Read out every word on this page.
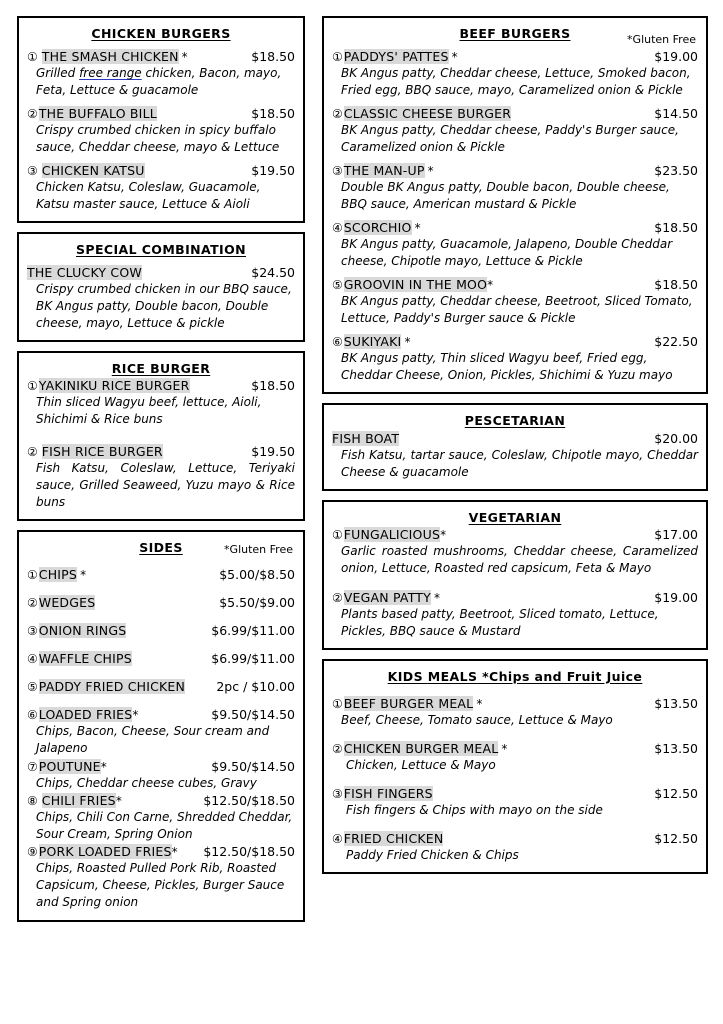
CHICKEN BURGERS
① THE SMASH CHICKEN *	$18.50
Grilled free range chicken, Bacon, mayo, Feta, Lettuce & guacamole
② THE BUFFALO BILL	$18.50
Crispy crumbed chicken in spicy buffalo sauce, Cheddar cheese, mayo & Lettuce
③ CHICKEN KATSU	$19.50
Chicken Katsu, Coleslaw, Guacamole, Katsu master sauce, Lettuce & Aioli
SPECIAL COMBINATION
THE CLUCKY COW	$24.50
Crispy crumbed chicken in our BBQ sauce, BK Angus patty, Double bacon, Double cheese, mayo, Lettuce & pickle
RICE BURGER
① YAKINIKU RICE BURGER	$18.50
Thin sliced Wagyu beef, lettuce, Aioli, Shichimi & Rice buns
② FISH RICE BURGER	$19.50
Fish Katsu, Coleslaw, Lettuce, Teriyaki sauce, Grilled Seaweed, Yuzu mayo & Rice buns
SIDES	*Gluten Free
① CHIPS *	$5.00/$8.50
② WEDGES	$5.50/$9.00
③ ONION RINGS	$6.99/$11.00
④ WAFFLE CHIPS	$6.99/$11.00
⑤ PADDY FRIED CHICKEN	2pc / $10.00
⑥ LOADED FRIES *	$9.50/$14.50
Chips, Bacon, Cheese, Sour cream and Jalapeno
⑦ POUTUNE *	$9.50/$14.50
Chips, Cheddar cheese cubes, Gravy
⑧ CHILI FRIES *	$12.50/$18.50
Chips, Chili Con Carne, Shredded Cheddar, Sour Cream, Spring Onion
⑨ PORK LOADED FRIES * $12.50/$18.50
Chips, Roasted Pulled Pork Rib, Roasted Capsicum, Cheese, Pickles, Burger Sauce and Spring onion
BEEF BURGERS	*Gluten Free
① PADDYS' PATTES *	$19.00
BK Angus patty, Cheddar cheese, Lettuce, Smoked bacon, Fried egg, BBQ sauce, mayo, Caramelized onion & Pickle
② CLASSIC CHEESE BURGER	$14.50
BK Angus patty, Cheddar cheese, Paddy's Burger sauce, Caramelized onion & Pickle
③ THE MAN-UP *	$23.50
Double BK Angus patty, Double bacon, Double cheese, BBQ sauce, American mustard & Pickle
④ SCORCHIO *	$18.50
BK Angus patty, Guacamole, Jalapeno, Double Cheddar cheese, Chipotle mayo, Lettuce & Pickle
⑤ GROOVIN IN THE MOO *	$18.50
BK Angus patty, Cheddar cheese, Beetroot, Sliced Tomato, Lettuce, Paddy's Burger sauce & Pickle
⑥ SUKIYAKI *	$22.50
BK Angus patty, Thin sliced Wagyu beef, Fried egg, Cheddar Cheese, Onion, Pickles, Shichimi & Yuzu mayo
PESCETARIAN
FISH BOAT	$20.00
Fish Katsu, tartar sauce, Coleslaw, Chipotle mayo, Cheddar Cheese & guacamole
VEGETARIAN
① FUNGALICIOUS *	$17.00
Garlic roasted mushrooms, Cheddar cheese, Caramelized onion, Lettuce, Roasted red capsicum, Feta & Mayo
② VEGAN PATTY *	$19.00
Plants based patty, Beetroot, Sliced tomato, Lettuce, Pickles, BBQ sauce & Mustard
KIDS MEALS *Chips and Fruit Juice
① BEEF BURGER MEAL *	$13.50
Beef, Cheese, Tomato sauce, Lettuce & Mayo
② CHICKEN BURGER MEAL *	$13.50
Chicken, Lettuce & Mayo
③ FISH FINGERS	$12.50
Fish fingers & Chips with mayo on the side
④ FRIED CHICKEN	$12.50
Paddy Fried Chicken & Chips
